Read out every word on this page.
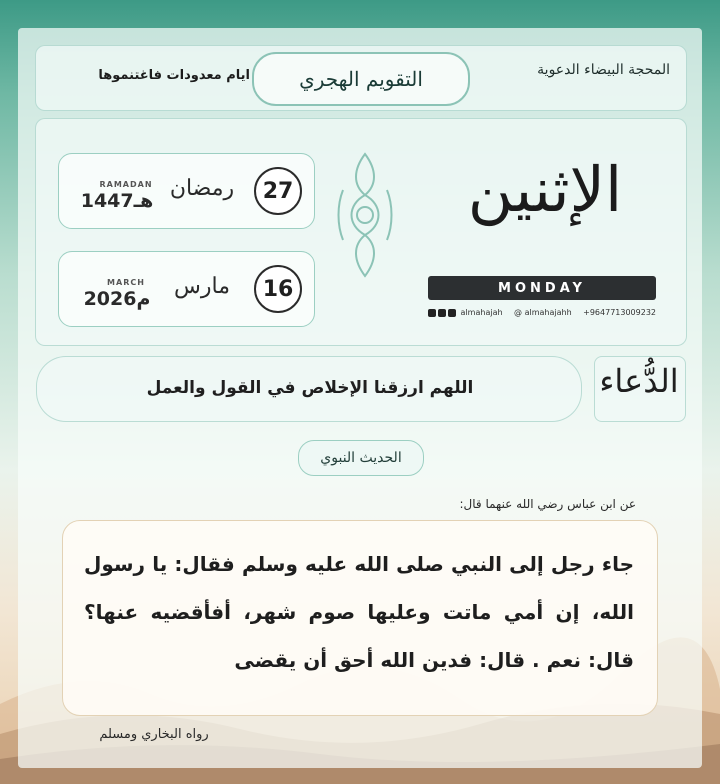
ايام معدودات فاغتنموها	التقويم الهجري	المحجة البيضاء الدعوية
27
رمضان
RAMADAN
1447هـ
16
مارس
MARCH
2026م
الإثنين
MONDAY
almahajah @ almahajahh +9647713009232
اللهم ارزقنا الإخلاص في القول والعمل	الدُّعاء
الحديث النبوي
عن ابن عباس رضي الله عنهما قال:
جاء رجل إلى النبي صلى الله عليه وسلم فقال: يا رسول الله، إن أمي ماتت وعليها صوم شهر، أفأقضيه عنها؟ قال: نعم . قال: فدين الله أحق أن يقضى
رواه البخاري ومسلم
